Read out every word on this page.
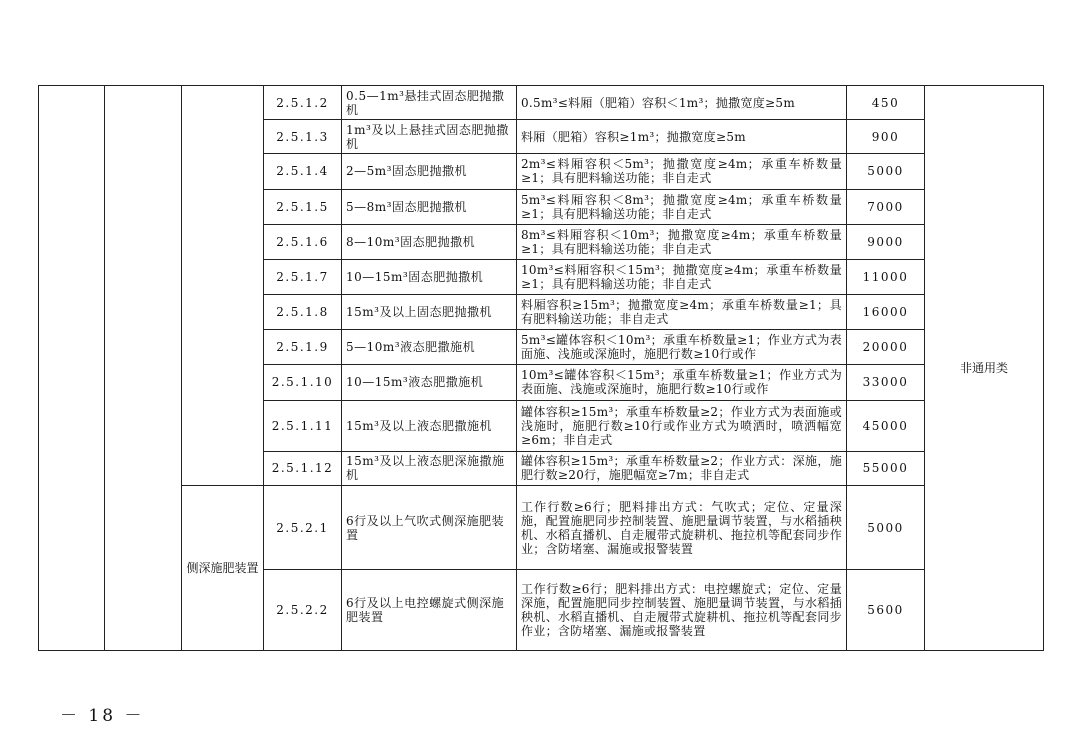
			2.5.1.2	0.5—1m³悬挂式固态肥抛撒机	0.5m³≤料厢（肥箱）容积＜1m³；抛撒宽度≥5m	450	非通用类
			2.5.1.3	1m³及以上悬挂式固态肥抛撒机	料厢（肥箱）容积≥1m³；抛撒宽度≥5m	900	
			2.5.1.4	2—5m³固态肥抛撒机	2m³≤料厢容积＜5m³；抛撒宽度≥4m；承重车桥数量≥1；具有肥料输送功能；非自走式	5000	
			2.5.1.5	5—8m³固态肥抛撒机	5m³≤料厢容积＜8m³；抛撒宽度≥4m；承重车桥数量≥1；具有肥料输送功能；非自走式	7000	
			2.5.1.6	8—10m³固态肥抛撒机	8m³≤料厢容积＜10m³；抛撒宽度≥4m；承重车桥数量≥1；具有肥料输送功能；非自走式	9000	
			2.5.1.7	10—15m³固态肥抛撒机	10m³≤料厢容积＜15m³；抛撒宽度≥4m；承重车桥数量≥1；具有肥料输送功能；非自走式	11000	
			2.5.1.8	15m³及以上固态肥抛撒机	料厢容积≥15m³；抛撒宽度≥4m；承重车桥数量≥1；具有肥料输送功能；非自走式	16000	
			2.5.1.9	5—10m³液态肥撒施机	5m³≤罐体容积＜10m³；承重车桥数量≥1；作业方式为表面施、浅施或深施时，施肥行数≥10行或作	20000	
			2.5.1.10	10—15m³液态肥撒施机	10m³≤罐体容积＜15m³；承重车桥数量≥1；作业方式为表面施、浅施或深施时，施肥行数≥10行或作	33000	
			2.5.1.11	15m³及以上液态肥撒施机	罐体容积≥15m³；承重车桥数量≥2；作业方式为表面施或浅施时，施肥行数≥10行或作业方式为喷洒时，喷洒幅宽≥6m；非自走式	45000	
			2.5.1.12	15m³及以上液态肥深施撒施机	罐体容积≥15m³；承重车桥数量≥2；作业方式：深施，施肥行数≥20行，施肥幅宽≥7m；非自走式	55000	
		侧深施肥装置	2.5.2.1	6行及以上气吹式侧深施肥装置	工作行数≥6行；肥料排出方式：气吹式；定位、定量深施，配置施肥同步控制装置、施肥量调节装置，与水稻插秧机、水稻直播机、自走履带式旋耕机、拖拉机等配套同步作业；含防堵塞、漏施或报警装置	5000	
			2.5.2.2	6行及以上电控螺旋式侧深施肥装置	工作行数≥6行；肥料排出方式：电控螺旋式；定位、定量深施，配置施肥同步控制装置、施肥量调节装置，与水稻插秧机、水稻直播机、自走履带式旋耕机、拖拉机等配套同步作业；含防堵塞、漏施或报警装置	5600	
－ 18 －
